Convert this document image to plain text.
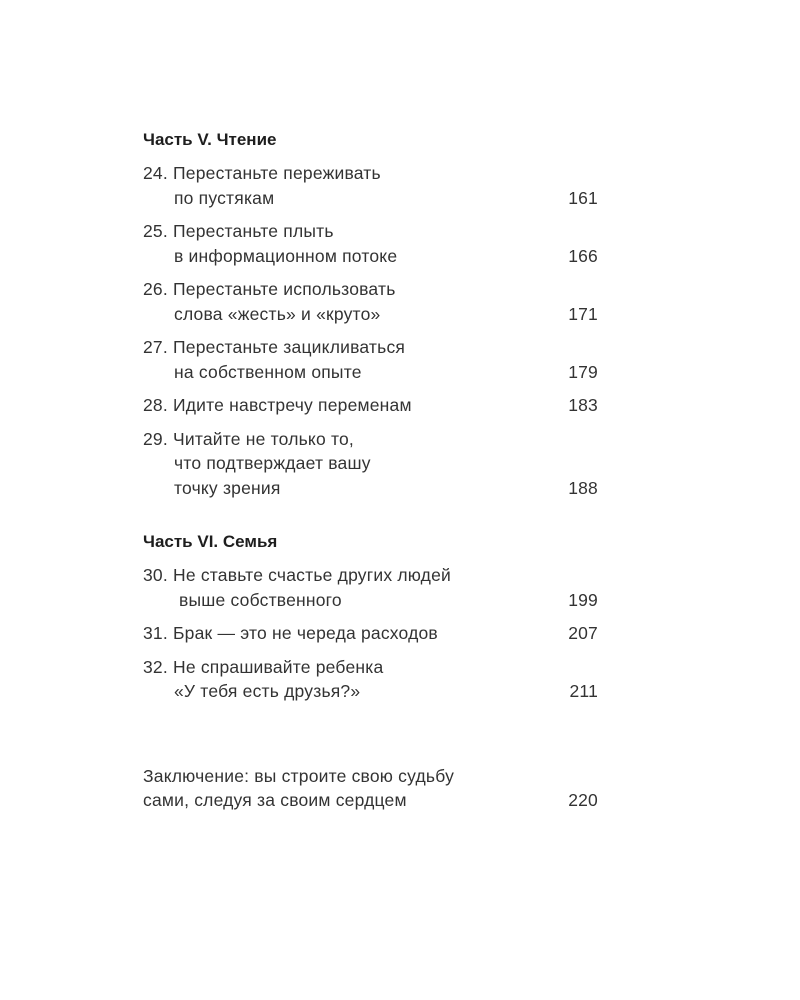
Часть V. Чтение
24. Перестаньте переживать
по пустякам	161
25. Перестаньте плыть
в информационном потоке	166
26. Перестаньте использовать
слова «жесть» и «круто»	171
27. Перестаньте зацикливаться
на собственном опыте	179
28. Идите навстречу переменам	183
29. Читайте не только то,
что подтверждает вашу
точку зрения	188
Часть VI. Семья
30. Не ставьте счастье других людей
выше собственного	199
31. Брак — это не череда расходов	207
32. Не спрашивайте ребенка
«У тебя есть друзья?»	211
Заключение: вы строите свою судьбу
сами, следуя за своим сердцем	220
